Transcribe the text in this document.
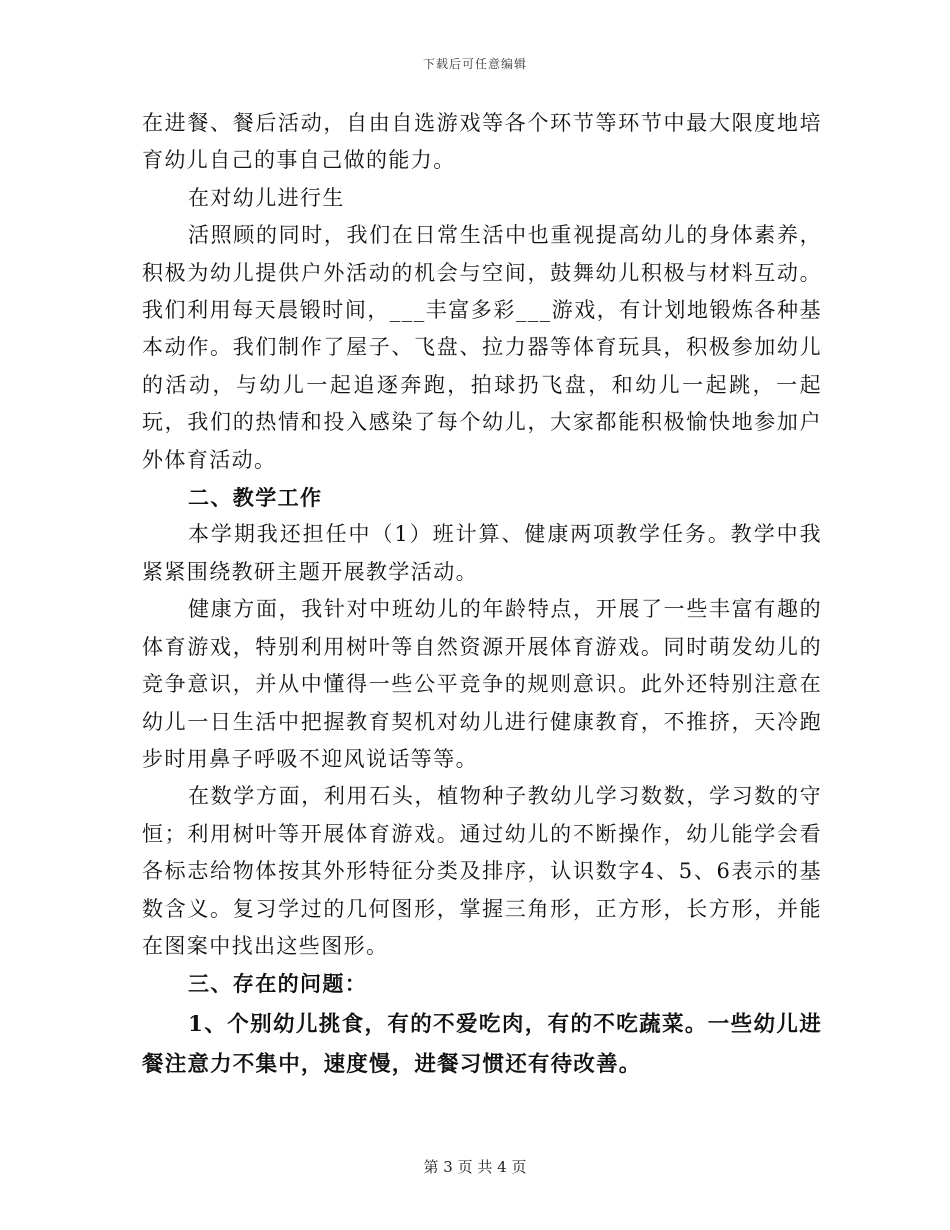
下载后可任意编辑

在进餐、餐后活动，自由自选游戏等各个环节等环节中最大限度地培育幼儿自己的事自己做的能力。

在对幼儿进行生

活照顾的同时，我们在日常生活中也重视提高幼儿的身体素养，积极为幼儿提供户外活动的机会与空间，鼓舞幼儿积极与材料互动。我们利用每天晨锻时间，___丰富多彩___游戏，有计划地锻炼各种基本动作。我们制作了屋子、飞盘、拉力器等体育玩具，积极参加幼儿的活动，与幼儿一起追逐奔跑，拍球扔飞盘，和幼儿一起跳，一起玩，我们的热情和投入感染了每个幼儿，大家都能积极愉快地参加户外体育活动。

二、教学工作

本学期我还担任中（1）班计算、健康两项教学任务。教学中我紧紧围绕教研主题开展教学活动。

健康方面，我针对中班幼儿的年龄特点，开展了一些丰富有趣的体育游戏，特别利用树叶等自然资源开展体育游戏。同时萌发幼儿的竞争意识，并从中懂得一些公平竞争的规则意识。此外还特别注意在幼儿一日生活中把握教育契机对幼儿进行健康教育，不推挤，天冷跑步时用鼻子呼吸不迎风说话等等。

在数学方面，利用石头，植物种子教幼儿学习数数，学习数的守恒；利用树叶等开展体育游戏。通过幼儿的不断操作，幼儿能学会看各标志给物体按其外形特征分类及排序，认识数字4、5、6表示的基数含义。复习学过的几何图形，掌握三角形，正方形，长方形，并能在图案中找出这些图形。

三、存在的问题：

1、个别幼儿挑食，有的不爱吃肉，有的不吃蔬菜。一些幼儿进餐注意力不集中，速度慢，进餐习惯还有待改善。

第 3 页 共 4 页
